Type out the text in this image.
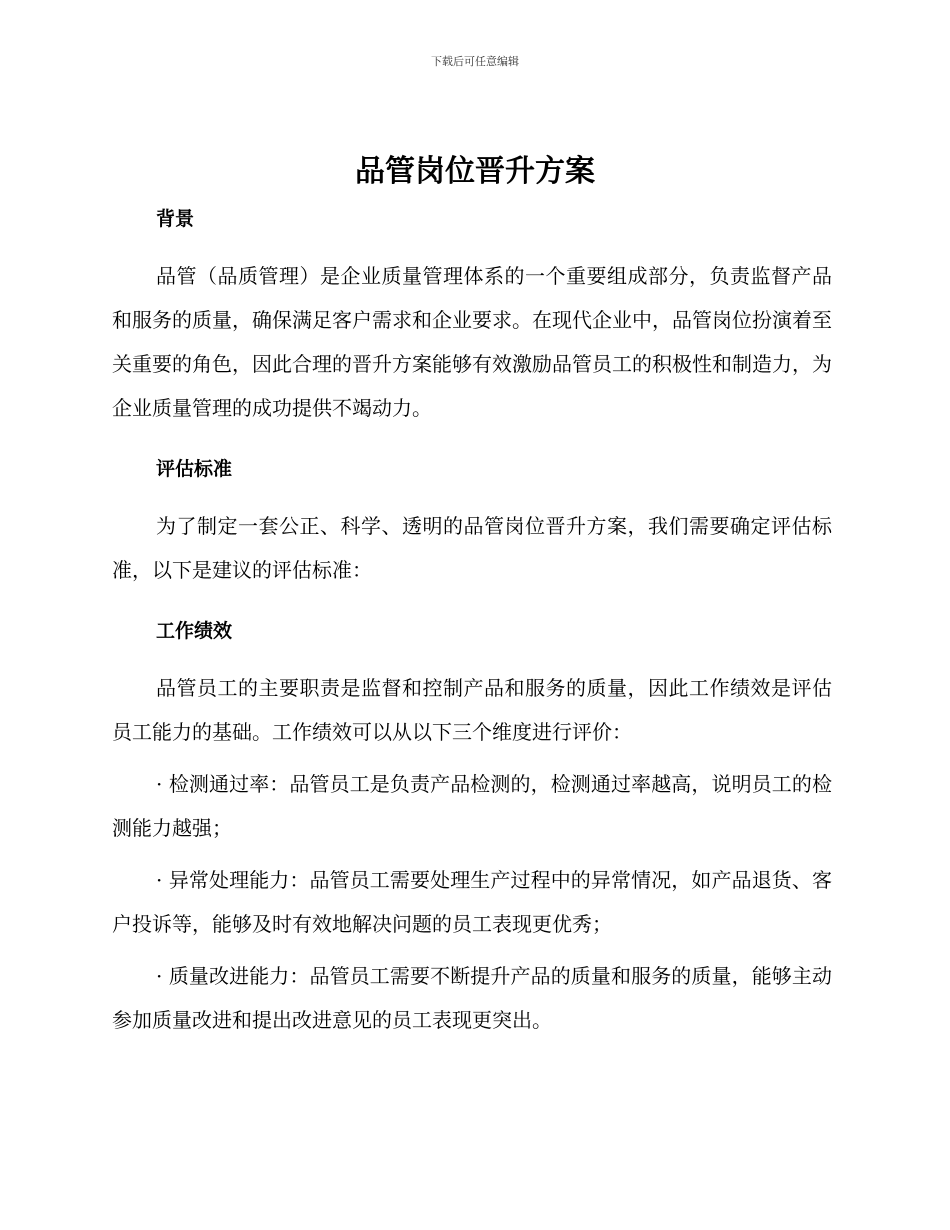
下载后可任意编辑
品管岗位晋升方案
背景

品管（品质管理）是企业质量管理体系的一个重要组成部分，负责监督产品和服务的质量，确保满足客户需求和企业要求。在现代企业中，品管岗位扮演着至关重要的角色，因此合理的晋升方案能够有效激励品管员工的积极性和制造力，为企业质量管理的成功提供不竭动力。

评估标准

为了制定一套公正、科学、透明的品管岗位晋升方案，我们需要确定评估标准，以下是建议的评估标准：

工作绩效

品管员工的主要职责是监督和控制产品和服务的质量，因此工作绩效是评估员工能力的基础。工作绩效可以从以下三个维度进行评价：

· 检测通过率：品管员工是负责产品检测的，检测通过率越高，说明员工的检测能力越强；

· 异常处理能力：品管员工需要处理生产过程中的异常情况，如产品退货、客户投诉等，能够及时有效地解决问题的员工表现更优秀；

· 质量改进能力：品管员工需要不断提升产品的质量和服务的质量，能够主动参加质量改进和提出改进意见的员工表现更突出。
